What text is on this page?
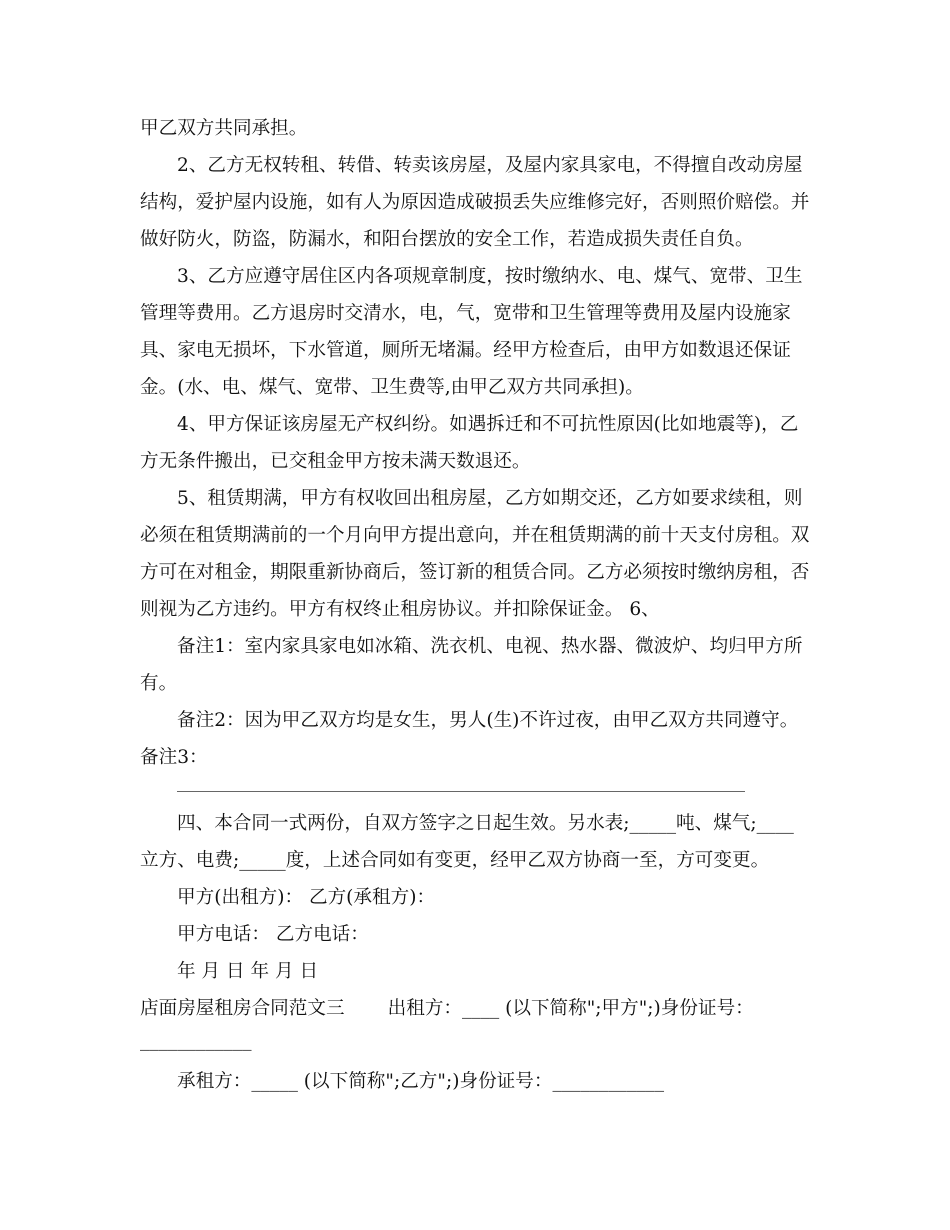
甲乙双方共同承担。
2、乙方无权转租、转借、转卖该房屋，及屋内家具家电，不得擅自改动房屋
结构，爱护屋内设施，如有人为原因造成破损丢失应维修完好，否则照价赔偿。并
做好防火，防盗，防漏水，和阳台摆放的安全工作，若造成损失责任自负。
3、乙方应遵守居住区内各项规章制度，按时缴纳水、电、煤气、宽带、卫生
管理等费用。乙方退房时交清水，电，气，宽带和卫生管理等费用及屋内设施家
具、家电无损坏，下水管道，厕所无堵漏。经甲方检查后，由甲方如数退还保证
金。(水、电、煤气、宽带、卫生费等,由甲乙双方共同承担)。
4、甲方保证该房屋无产权纠纷。如遇拆迁和不可抗性原因(比如地震等)，乙
方无条件搬出，已交租金甲方按未满天数退还。
5、租赁期满，甲方有权收回出租房屋，乙方如期交还，乙方如要求续租，则
必须在租赁期满前的一个月向甲方提出意向，并在租赁期满的前十天支付房租。双
方可在对租金，期限重新协商后，签订新的租赁合同。乙方必须按时缴纳房租，否
则视为乙方违约。甲方有权终止租房协议。并扣除保证金。 6、
备注1：室内家具家电如冰箱、洗衣机、电视、热水器、微波炉、均归甲方所
有。
备注2：因为甲乙双方均是女生，男人(生)不许过夜，由甲乙双方共同遵守。
备注3：
四、本合同一式两份，自双方签字之日起生效。另水表;_____吨、煤气;____
立方、电费;_____度，上述合同如有变更，经甲乙双方协商一至，方可变更。
甲方(出租方)： 乙方(承租方)：
甲方电话： 乙方电话：
年 月 日 年 月 日
店面房屋租房合同范文三　　 出租方：____ (以下简称";甲方";)身份证号：
____________
承租方：_____ (以下简称";乙方";)身份证号：____________
